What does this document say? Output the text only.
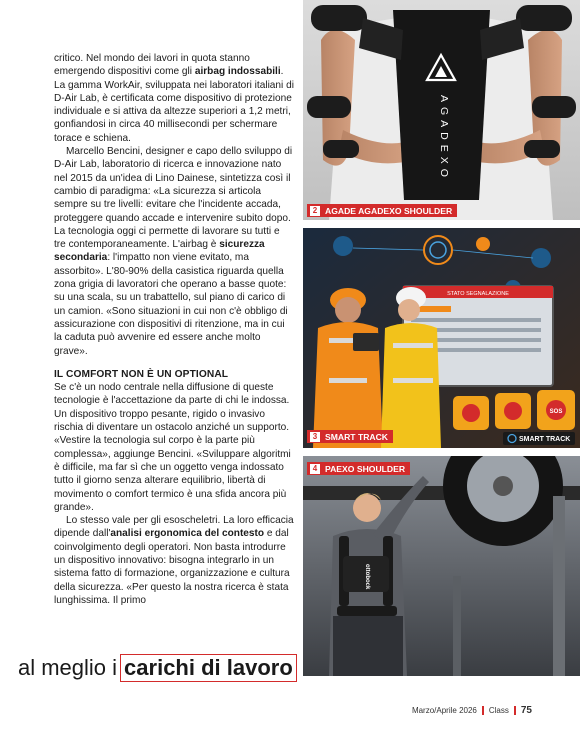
critico. Nel mondo dei lavori in quota stanno emergendo dispositivi come gli airbag indossabili. La gamma WorkAir, sviluppata nei laboratori italiani di D-Air Lab, è certificata come dispositivo di protezione individuale e si attiva da altezze superiori a 1,2 metri, gonfiandosi in circa 40 millisecondi per schermare torace e schiena.

Marcello Bencini, designer e capo dello sviluppo di D-Air Lab, laboratorio di ricerca e innovazione nato nel 2015 da un'idea di Lino Dainese, sintetizza così il cambio di paradigma: «La sicurezza si articola sempre su tre livelli: evitare che l'incidente accada, proteggere quando accade e intervenire subito dopo. La tecnologia oggi ci permette di lavorare su tutti e tre contemporaneamente. L'airbag è sicurezza secondaria: l'impatto non viene evitato, ma assorbito». L'80-90% della casistica riguarda quella zona grigia di lavoratori che operano a basse quote: su una scala, su un trabattello, sul piano di carico di un camion. «Sono situazioni in cui non c'è obbligo di assicurazione con dispositivi di ritenzione, ma in cui la caduta può avvenire ed essere anche molto grave».

IL COMFORT NON È UN OPTIONAL

Se c'è un nodo centrale nella diffusione di queste tecnologie è l'accettazione da parte di chi le indossa. Un dispositivo troppo pesante, rigido o invasivo rischia di diventare un ostacolo anziché un supporto. «Vestire la tecnologia sul corpo è la parte più complessa», aggiunge Bencini. «Sviluppare algoritmi è difficile, ma far sì che un oggetto venga indossato tutto il giorno senza alterare equilibrio, libertà di movimento o comfort termico è una sfida ancora più grande».

Lo stesso vale per gli esoscheletri. La loro efficacia dipende dall'analisi ergonomica del contesto e dal coinvolgimento degli operatori. Non basta introdurre un dispositivo innovativo: bisogna integrarlo in un sistema fatto di formazione, organizzazione e cultura della sicurezza. «Per questo la nostra ricerca è stata lunghissima. Il primo

AGADEXO
2 AGADE AGADEXO SHOULDER
STATO SEGNALAZIONE
SOS
SMART TRACK
3 SMART TRACK
ottobock
4 PAEXO SHOULDER
al meglio i carichi di lavoro
Marzo/Aprile 2026 Class 75
